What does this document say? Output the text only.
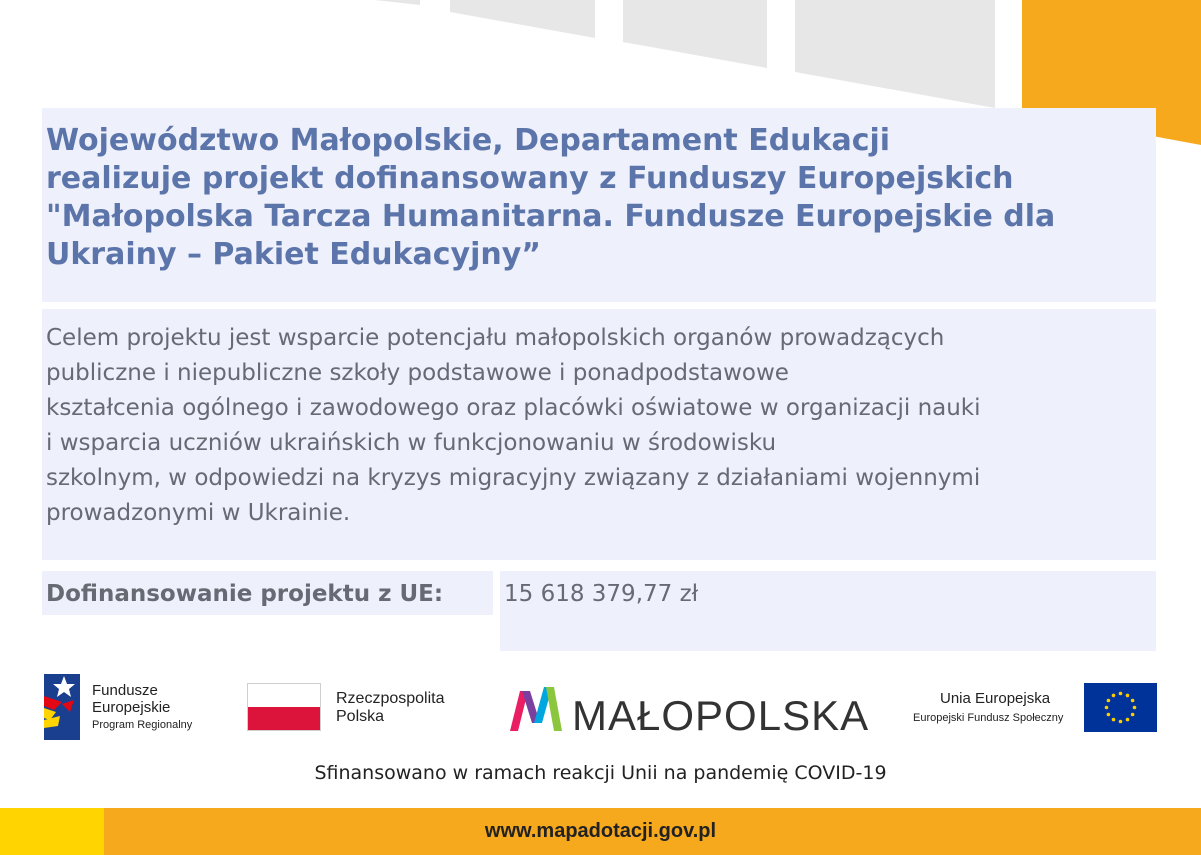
Województwo Małopolskie, Departament Edukacji
realizuje projekt dofinansowany z Funduszy Europejskich
"Małopolska Tarcza Humanitarna. Fundusze Europejskie dla
Ukrainy – Pakiet Edukacyjny”
Celem projektu jest wsparcie potencjału małopolskich organów prowadzących
publiczne i niepubliczne szkoły podstawowe i ponadpodstawowe
kształcenia ogólnego i zawodowego oraz placówki oświatowe w organizacji nauki
i wsparcia uczniów ukraińskich w funkcjonowaniu w środowisku
szkolnym, w odpowiedzi na kryzys migracyjny związany z działaniami wojennymi
prowadzonymi w Ukrainie.
Dofinansowanie projektu z UE:	15 618 379,77 zł
Fundusze
Europejskie
Program Regionalny
Rzeczpospolita
Polska	MAŁOPOLSKA	Unia Europejska
Europejski Fundusz Społeczny
Sfinansowano w ramach reakcji Unii na pandemię COVID-19
www.mapadotacji.gov.pl
